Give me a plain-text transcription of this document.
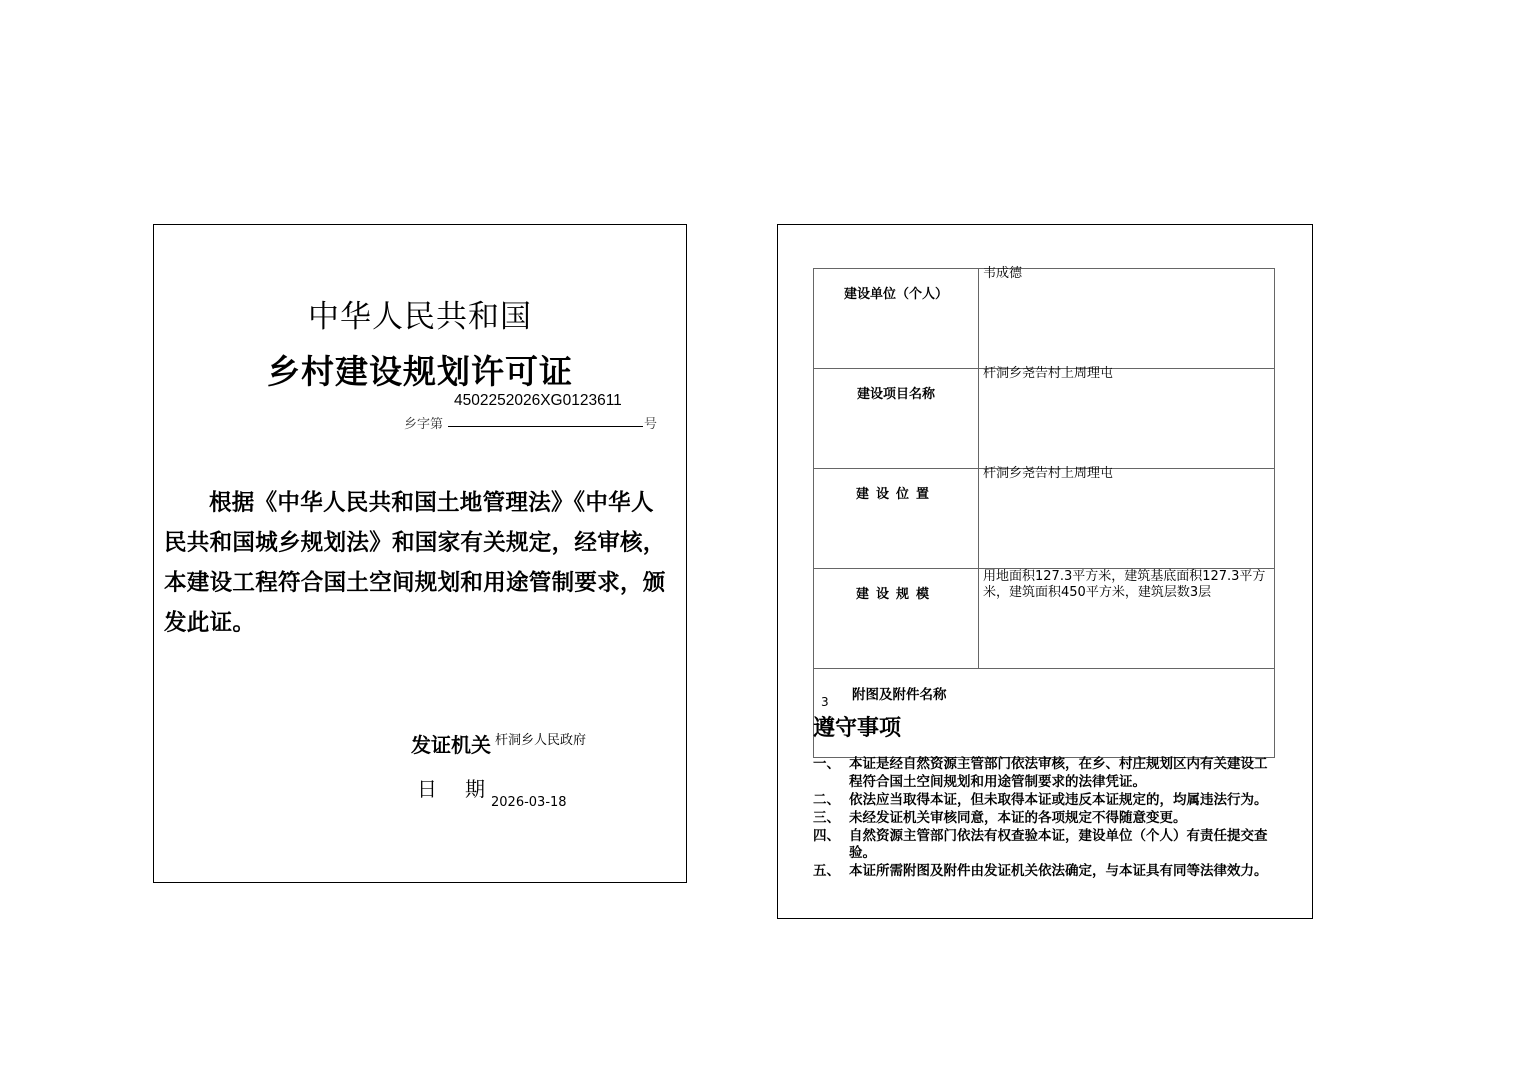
中华人民共和国
乡村建设规划许可证
乡字第
4502252026XG0123611
号
根据《中华人民共和国土地管理法》《中华人民共和国城乡规划法》和国家有关规定，经审核，本建设工程符合国土空间规划和用途管制要求，颁发此证。
发证机关 $^{杆洞乡人民政府}$
日期$_{2026-03-18}$
建设单位（个人）	韦成德

建设项目名称	杆洞乡尧告村上周理屯

建设位置	杆洞乡尧告村上周理屯

建设规模	用地面积127.3平方米，建筑基底面积127.3平方米，建筑面积450平方米，建筑层数3层

3 附图及附件名称	
遵守事项
一、 本证是经自然资源主管部门依法审核，在乡、村庄规划区内有关建设工程符合国土空间规划和用途管制要求的法律凭证。
二、 依法应当取得本证，但未取得本证或违反本证规定的，均属违法行为。
三、 未经发证机关审核同意，本证的各项规定不得随意变更。
四、 自然资源主管部门依法有权查验本证，建设单位（个人）有责任提交查验。
五、 本证所需附图及附件由发证机关依法确定，与本证具有同等法律效力。
